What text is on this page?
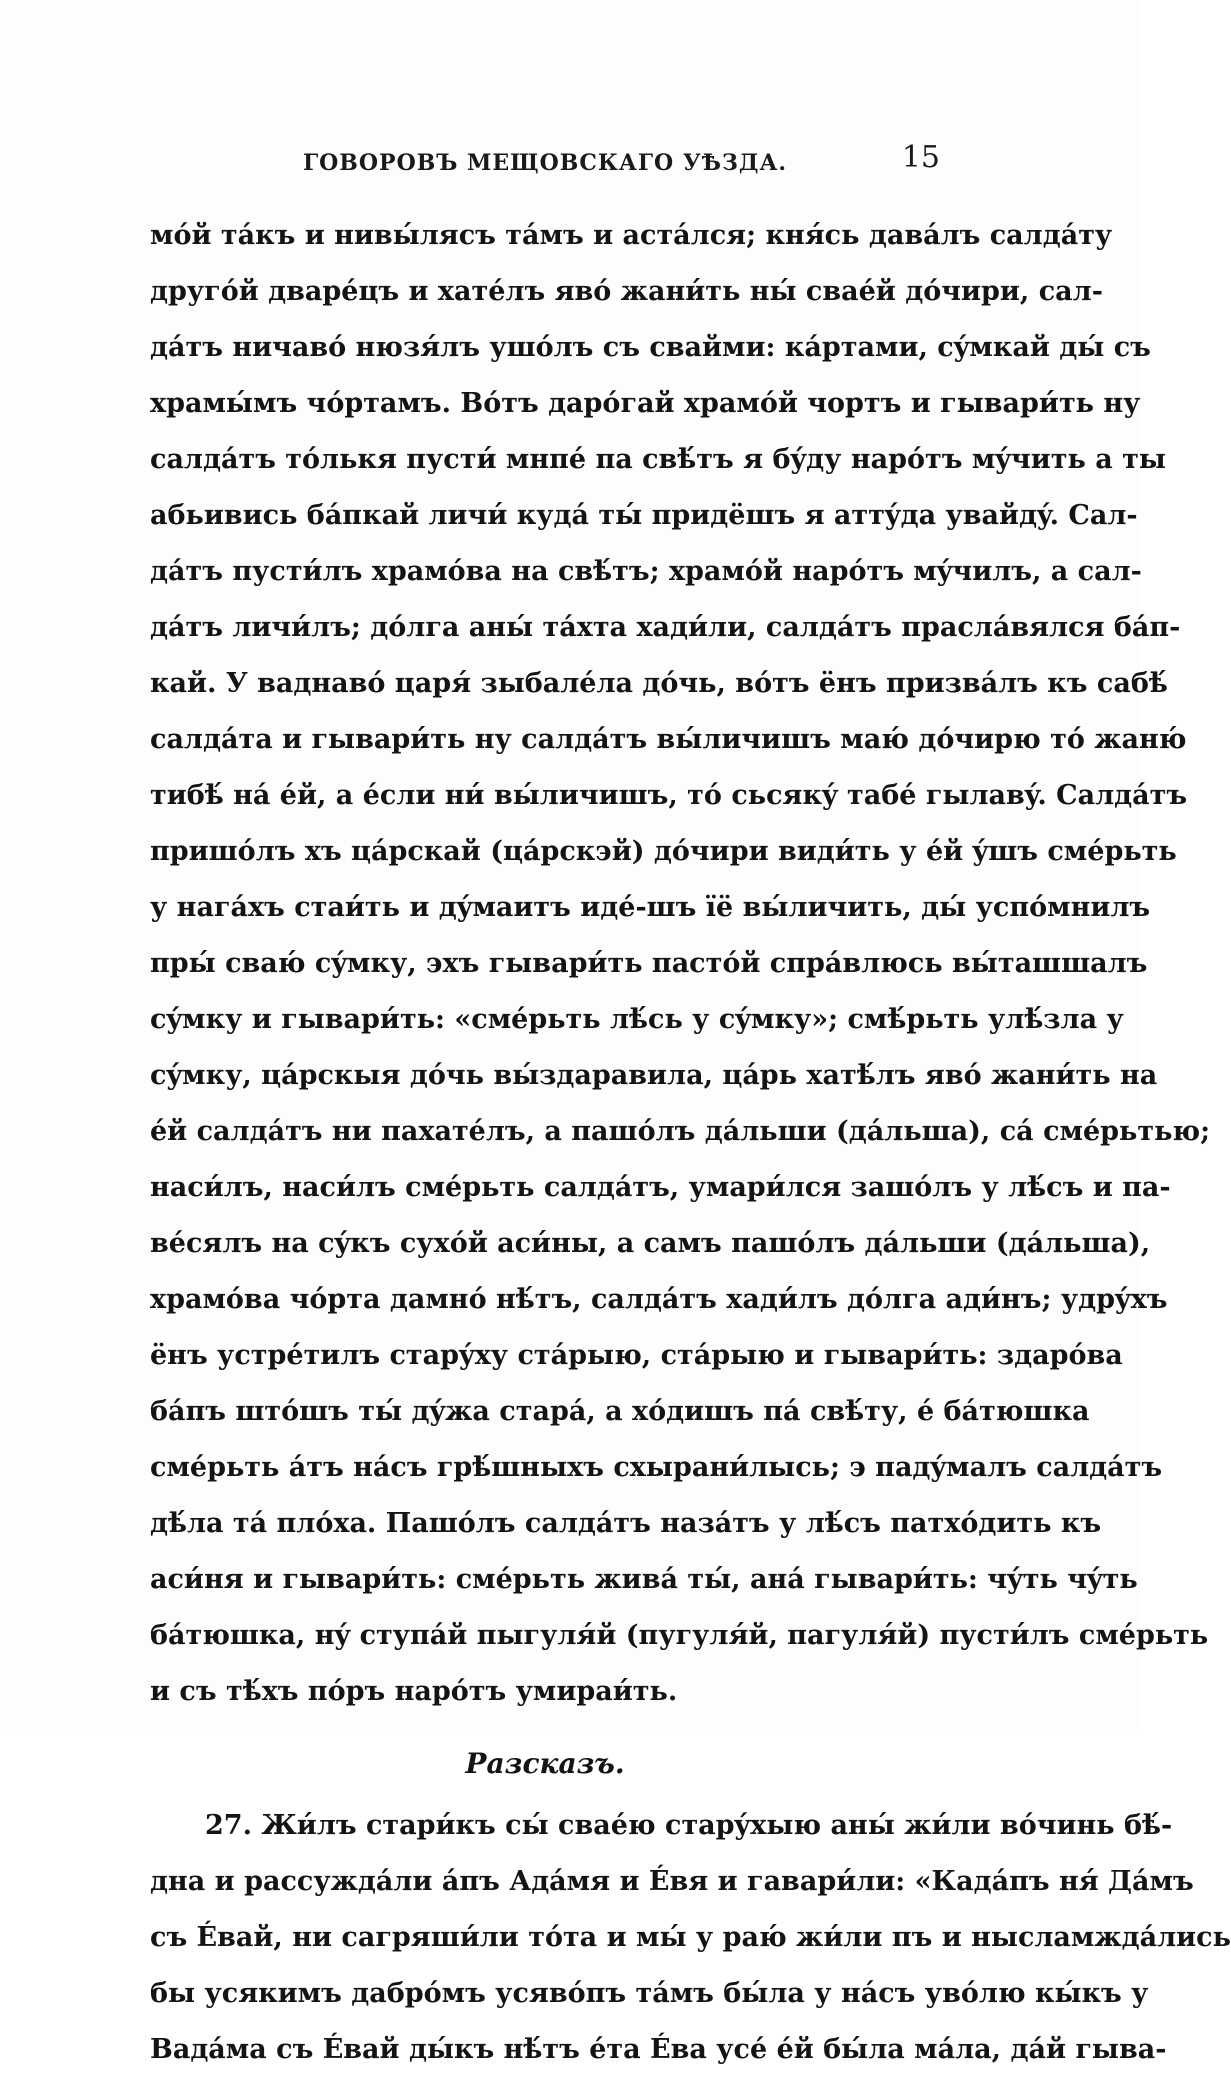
ГОВОРОВЪ МЕЩОВСКАГО УѢЗДА.	15
мóй тáкъ и нивы́лясъ тáмъ и астáлся; кня́сь давáлъ салдáту
другóй дварéцъ и хатéлъ явó жани́ть ны́ сваéй дóчири, сал-
дáтъ ничавó нюзя́лъ ушóлъ съ свайми: кáртами, сýмкай ды́ съ
храмы́мъ чóртамъ. Вóтъ дарóгай храмóй чортъ и гывари́ть ну
салдáтъ тóлькя пусти́ мнпé па свѣ́тъ я бýду нарóтъ мýчить а ты
абьивись бáпкай личи́ кудá ты́ придёшъ я аттýда увайдý. Сал-
дáтъ пусти́лъ храмóва на свѣ́тъ; храмóй нарóтъ мýчилъ, а сал-
дáтъ личи́лъ; дóлга аны́ тáхта хади́ли, салдáтъ праслáвялся бáп-
кай. У ваднавó царя́ зыбалéла дóчь, вóтъ ёнъ призвáлъ къ сабѣ́
салдáта и гывари́ть ну салдáтъ вы́личишъ маю́ дóчирю тó жаню́
тибѣ́ нá éй, а éсли ни́ вы́личишъ, тó сьсякý табé гылавý. Салдáтъ
пришóлъ хъ цáрскай (цáрскэй) дóчири види́ть у éй ýшъ смéрьть
у нагáхъ стаи́ть и дýмаитъ идé-шъ ïё вы́личить, ды́ успóмнилъ
пры́ сваю́ сýмку, эхъ гывари́ть пастóй спрáвлюсь вы́ташшалъ
сýмку и гывари́ть: «смéрьть лѣ́сь у сýмку»; смѣ́рьть улѣ́зла у
сýмку, цáрскыя дóчь вы́здаравила, цáрь хатѣ́лъ явó жани́ть на
éй салдáтъ ни пахатéлъ, а пашóлъ дáльши (дáльша), сá смéрьтью;
наси́лъ, наси́лъ смéрьть салдáтъ, умари́лся зашóлъ у лѣ́съ и па-
вéсялъ на сýкъ сухóй аси́ны, а самъ пашóлъ дáльши (дáльша),
храмóва чóрта дамнó нѣ́тъ, салдáтъ хади́лъ дóлга ади́нъ; удрýхъ
ёнъ устрéтилъ старýху стáрыю, стáрыю и гывари́ть: здарóва
бáпъ штóшъ ты́ дýжа старá, а хóдишъ пá свѣ́ту, é бáтюшка
смéрьть áтъ нáсъ грѣ́шныхъ схырани́лысь; э падýмалъ салдáтъ
дѣ́ла тá плóха. Пашóлъ салдáтъ назáтъ у лѣ́съ патхóдить къ
аси́ня и гывари́ть: смéрьть живá ты́, анá гывари́ть: чýть чýть
бáтюшка, нý ступáй пыгуля́й (пугуля́й, пагуля́й) пусти́лъ смéрьть
и съ тѣ́хъ пóръ нарóтъ умираи́ть.
Разсказъ.
27. Жи́лъ стари́къ сы́ сваéю старýхыю аны́ жи́ли вóчинь бѣ́-
дна и рассуждáли áпъ Адáмя и Éвя и гавари́ли: «Кадáпъ ня́ Дáмъ
съ Éвай, ни сагряши́ли тóта и мы́ у раю́ жи́ли пъ и нысламждáлись
бы усякимъ дабрóмъ усявóпъ тáмъ бы́ла у нáсъ увóлю кы́къ у
Вадáма съ Éвай ды́къ нѣ́тъ éта Éва усé éй бы́ла мáла, дáй гыва-
